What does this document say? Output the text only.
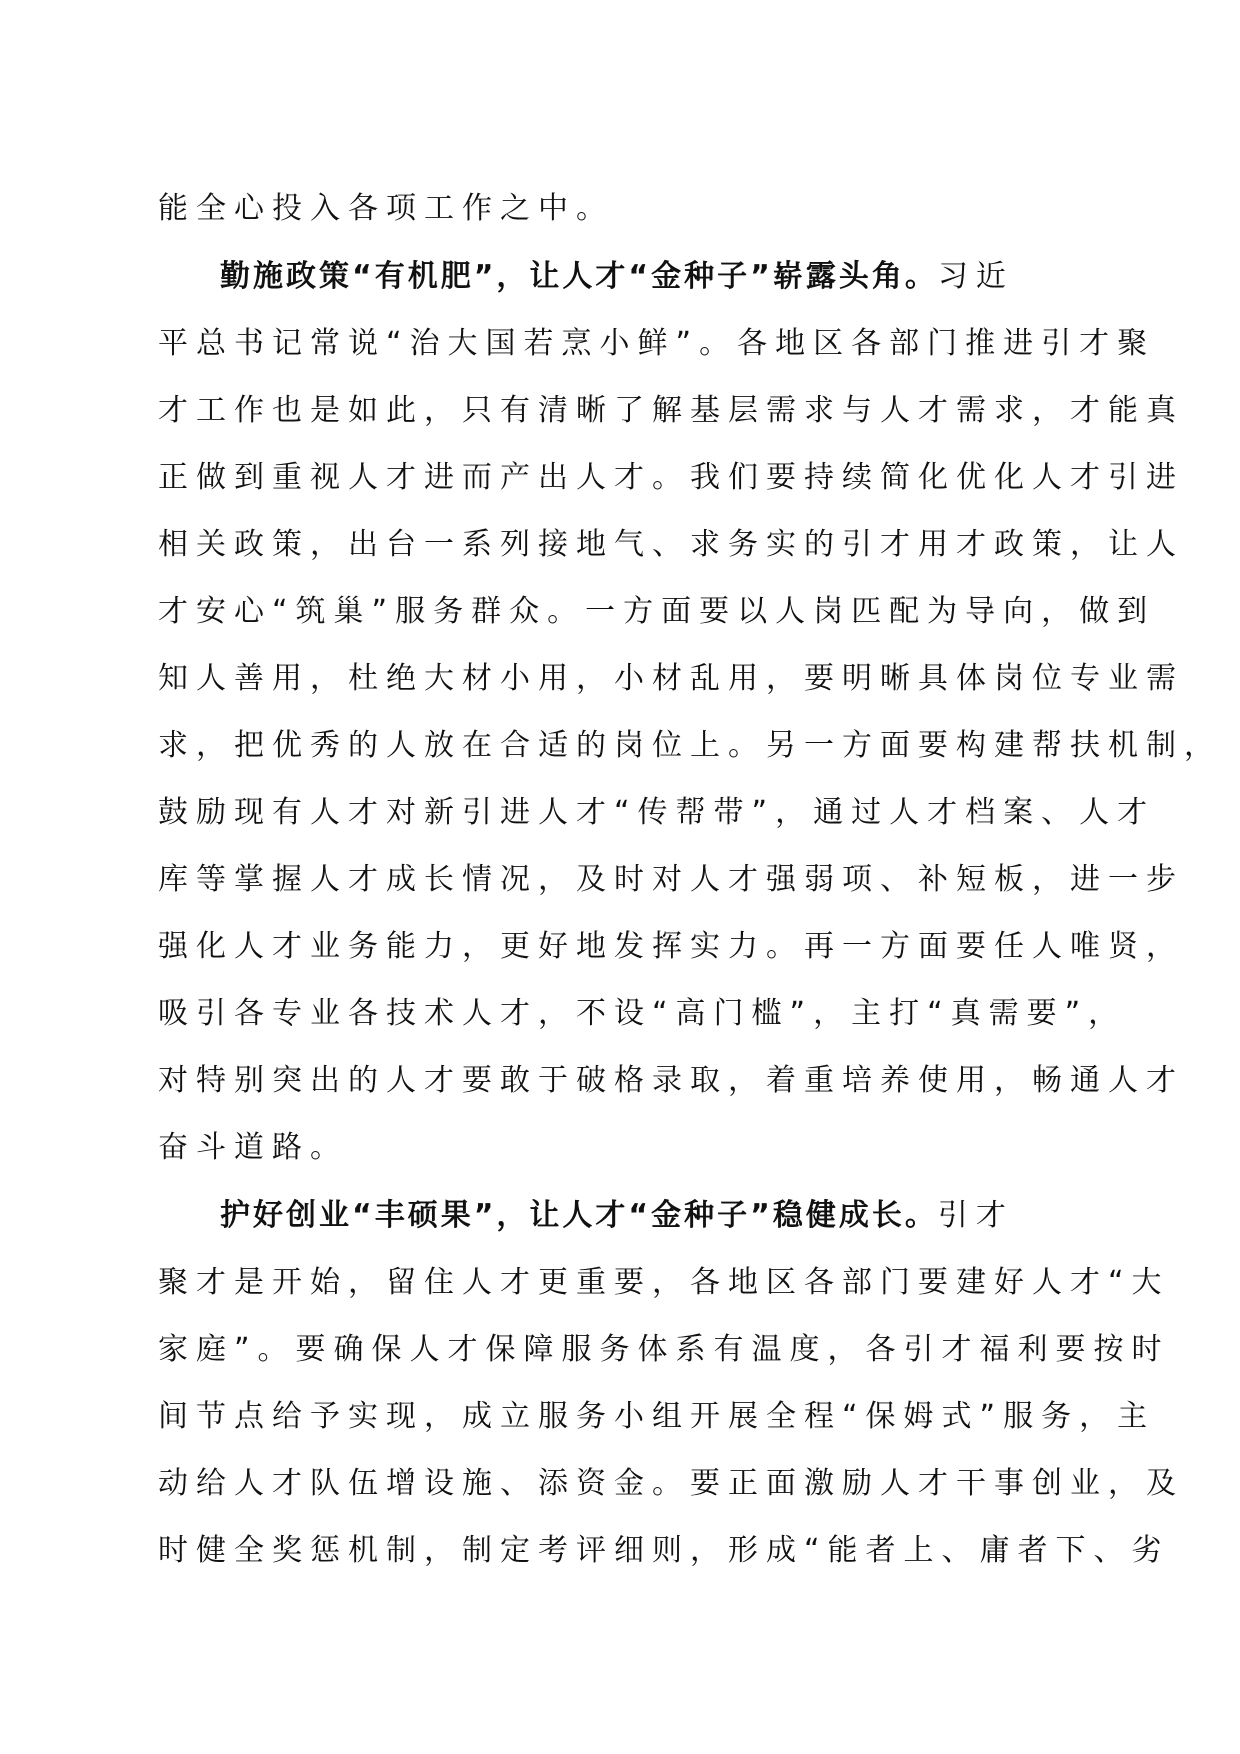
能全心投入各项工作之中。
勤施政策“有机肥”，让人才“金种子”崭露头角。习近
平总书记常说“治大国若烹小鲜”。各地区各部门推进引才聚
才工作也是如此，只有清晰了解基层需求与人才需求，才能真
正做到重视人才进而产出人才。我们要持续简化优化人才引进
相关政策，出台一系列接地气、求务实的引才用才政策，让人
才安心“筑巢”服务群众。一方面要以人岗匹配为导向，做到
知人善用，杜绝大材小用，小材乱用，要明晰具体岗位专业需
求，把优秀的人放在合适的岗位上。另一方面要构建帮扶机制，
鼓励现有人才对新引进人才“传帮带”，通过人才档案、人才
库等掌握人才成长情况，及时对人才强弱项、补短板，进一步
强化人才业务能力，更好地发挥实力。再一方面要任人唯贤，
吸引各专业各技术人才，不设“高门槛”，主打“真需要”，
对特别突出的人才要敢于破格录取，着重培养使用，畅通人才
奋斗道路。
护好创业“丰硕果”，让人才“金种子”稳健成长。引才
聚才是开始，留住人才更重要，各地区各部门要建好人才“大
家庭”。要确保人才保障服务体系有温度，各引才福利要按时
间节点给予实现，成立服务小组开展全程“保姆式”服务，主
动给人才队伍增设施、添资金。要正面激励人才干事创业，及
时健全奖惩机制，制定考评细则，形成“能者上、庸者下、劣
